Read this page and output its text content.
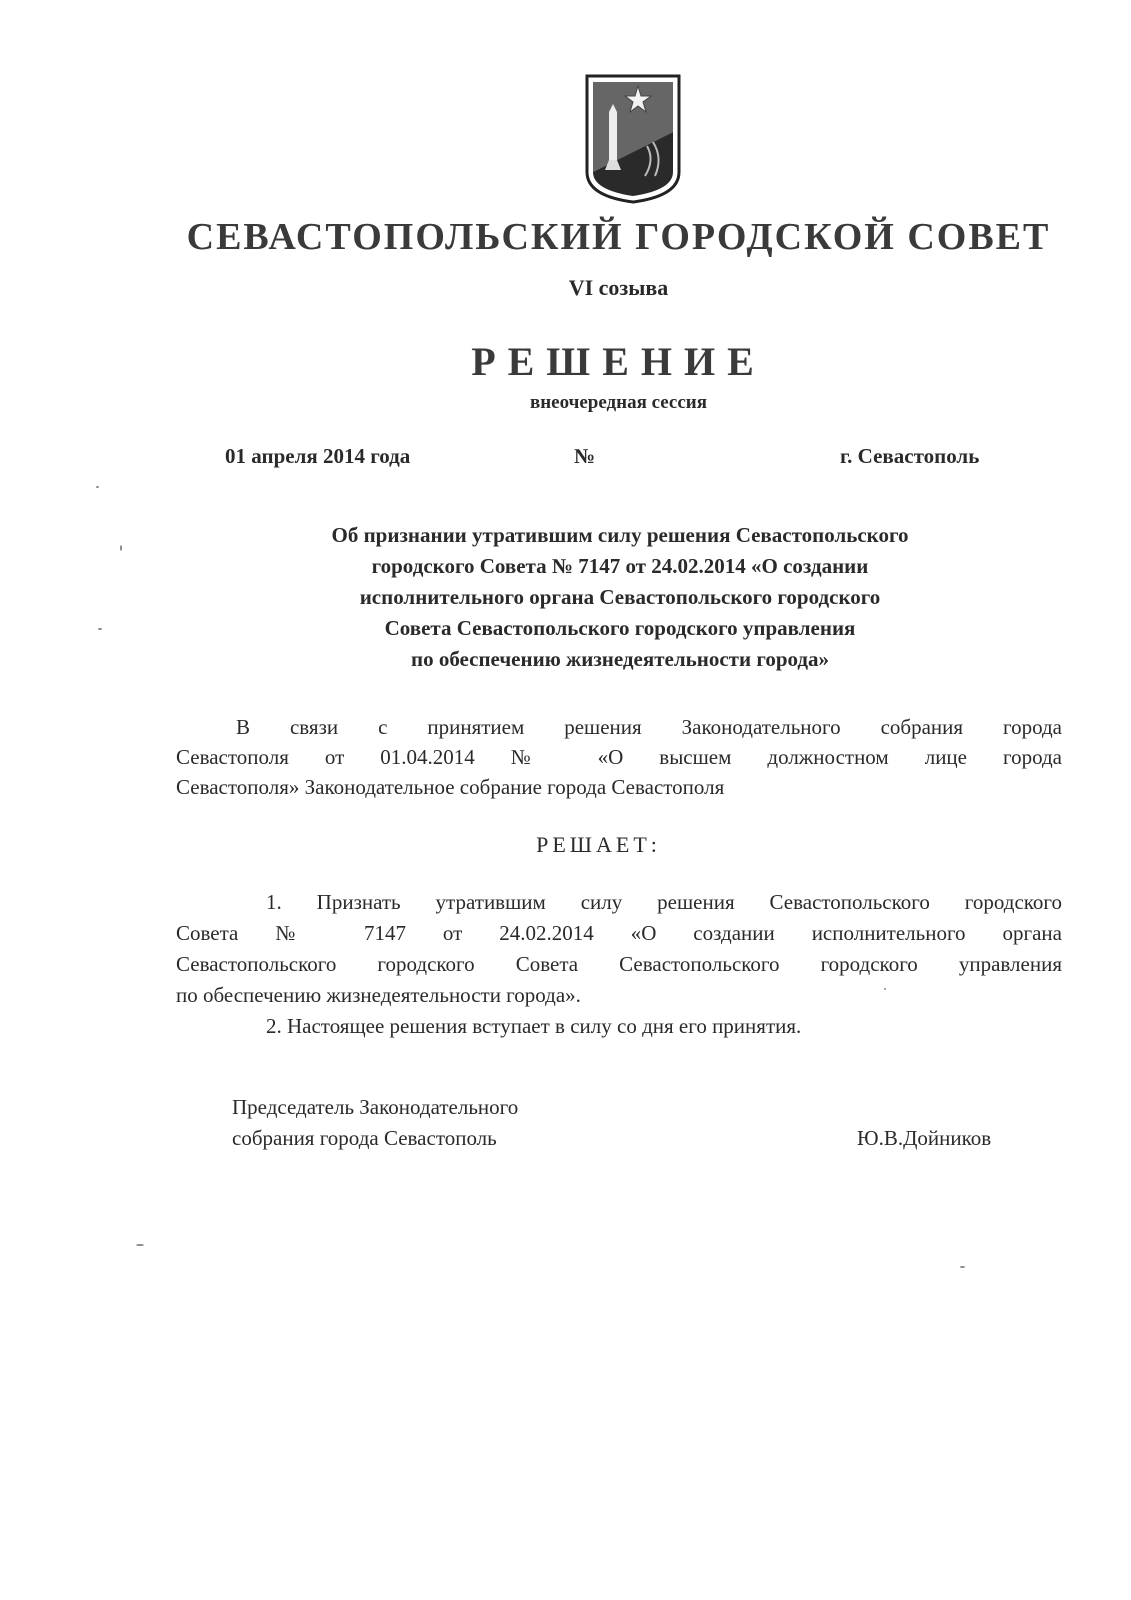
СЕВАСТОПОЛЬСКИЙ ГОРОДСКОЙ СОВЕТ
VI созыва
РЕШЕНИЕ
внеочередная сессия
01 апреля 2014 года	№	г. Севастополь
Об признании утратившим силу решения Севастопольского
городского Совета № 7147 от 24.02.2014 «О создании
исполнительного органа Севастопольского городского
Совета Севастопольского городского управления
по обеспечению жизнедеятельности города»
В связи с принятием решения Законодательного собрания города
Севастополя от 01.04.2014 № «О высшем должностном лице города
Севастополя» Законодательное собрание города Севастополя
РЕШАЕТ:
1. Признать утратившим силу решения Севастопольского городского
Совета № 7147 от 24.02.2014 «О создании исполнительного органа
Севастопольского городского Совета Севастопольского городского управления
по обеспечению жизнедеятельности города».
2. Настоящее решения вступает в силу со дня его принятия.
Председатель Законодательного
собрания города Севастополь	Ю.В.Дойников
